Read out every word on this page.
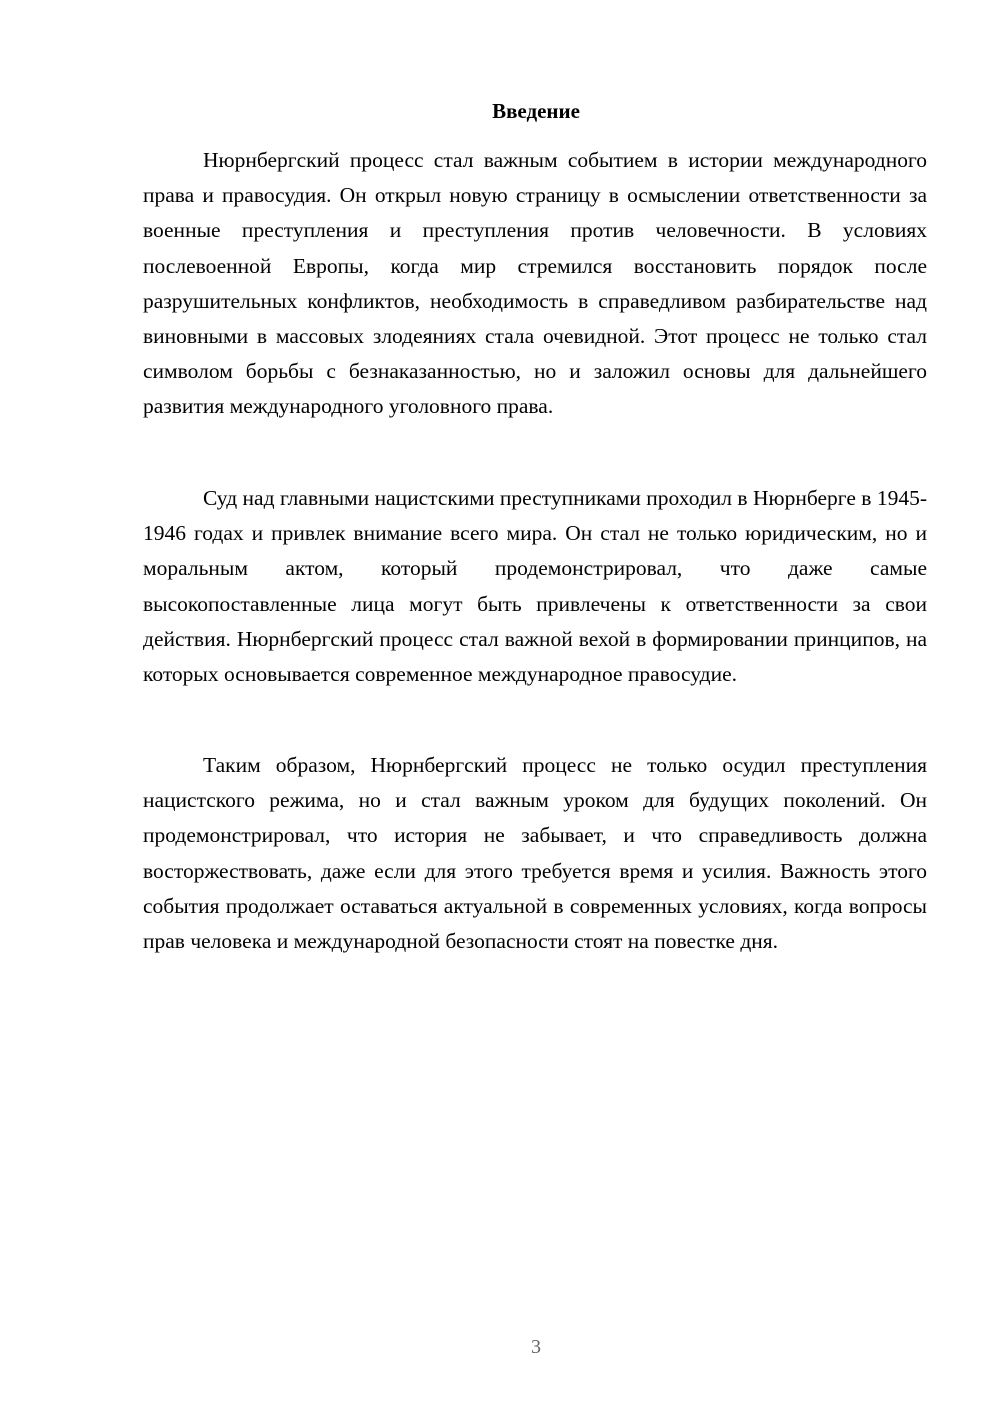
Введение

Нюрнбергский процесс стал важным событием в истории международного права и правосудия. Он открыл новую страницу в осмыслении ответственности за военные преступления и преступления против человечности. В условиях послевоенной Европы, когда мир стремился восстановить порядок после разрушительных конфликтов, необходимость в справедливом разбирательстве над виновными в массовых злодеяниях стала очевидной. Этот процесс не только стал символом борьбы с безнаказанностью, но и заложил основы для дальнейшего развития международного уголовного права.

Суд над главными нацистскими преступниками проходил в Нюрнберге в 1945-1946 годах и привлек внимание всего мира. Он стал не только юридическим, но и моральным актом, который продемонстрировал, что даже самые высокопоставленные лица могут быть привлечены к ответственности за свои действия. Нюрнбергский процесс стал важной вехой в формировании принципов, на которых основывается современное международное правосудие.

Таким образом, Нюрнбергский процесс не только осудил преступления нацистского режима, но и стал важным уроком для будущих поколений. Он продемонстрировал, что история не забывает, и что справедливость должна восторжествовать, даже если для этого требуется время и усилия. Важность этого события продолжает оставаться актуальной в современных условиях, когда вопросы прав человека и международной безопасности стоят на повестке дня.

3
